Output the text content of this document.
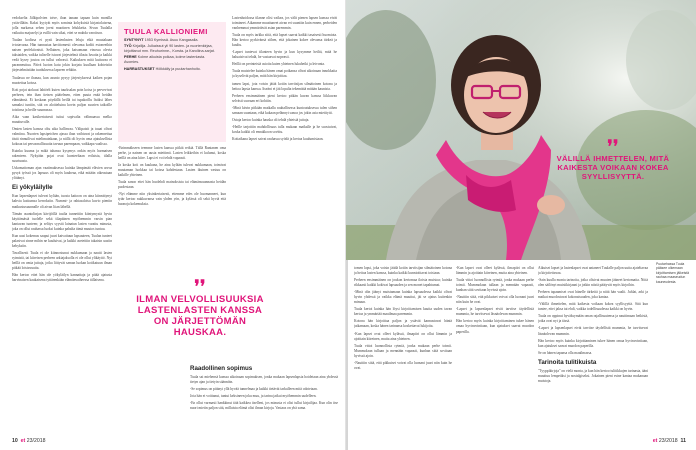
vedokselta Jälkipolvien toive, ihan tanaan tapaan kuin monilla ystävillään. Kaksi kyytyät myös sominta kohyksistä kirjastolaisena, jolla nurkassa sehen joeni muotinen lelukkeita. Sivun Tuulalla vaikuttu majuselyt ja esillä vain sikai, ettei se mahda varoitson.

Tuulan kodissa ei pysti lastenlasten leluja eikä muutakaan ivtotavaraa. Hän tunnustaa havittomesti olevansa koditi estoneeihin naisen perfektionisti. Sellainen, joka katsomaan vinossa olevia takstaiden, vaikka tuliselle istuvat järjestelmä tilasta luvatta ja kaikki vedä kysey joutoa on tullut vahvasti. Kaikuksen mitä kuttuvaa ei paranneuttua. Päivä luoton katu jokin korjata kuullaan kohteisiin järjestelmästään tuoduksessa lapseen rehkiin.

Tuulassa ne ihanaa, kun asunto pysyy järjestyksessä kaiken pojan muotettaa koissa.

Koti pojat aiokuut lahtöelt kuten tuurksalan poin koisa ja pervevivat perheen, tein ihan tietsen päätelmen, etten puuta enää heidän elämäänsä. Ei koskaan pöydällä heillä tai tupakoillu lisäksi lähes samaksi tuntiin, sitä on aloitteluina kovin paljon suurien taikoille toisiinsa ja heille suunnassa.

Aika vaan kasikertaisesti tuttui sopivalta välimaassa melko muuttuvalle.

Omien lasten kanssa oltu aika hallinvaa. Välipatsit ja tuuat olivat valmiina. Nuorten lapsipetchen ajassa ihan vaihtuvat ja rakennettua tästä rinnuilivat mielimainkaan, ja niillä oli hyvin oma ajatuksellista kokoaa tai persoonallisuutta tavuun parempaan, vaikkapa vaalissa.

Kuinka kuuma ja mikä tahansa kysymys onkin myös harmaisen rakenteen. Nykyään pojat ovat luonteeltaan erilaisia, tilalla suurtuusta.

Uskomattoman ajan vaatimuksessa kuinka lämpimää elävien arvoa pysyä työssä jos lapsuus oli myös kauheaa, eikä mitään oikeastaan ylittänyt.

Ei yökyläilylle

Kun lapsenlapset tulevat kylään, tuosta kattoon on aina kiinnittynyt kahvia kattoansa kerroksiin. Nummi- ja rahtasaloisa kuvio pieniin matkustusuunnalle oli aivan liian lähellä.

Tämän asuntolinjan kävijöillä tuulia tunnettiin kiintymystä hyvin käyttämästä tuolelle sekä tilapäinen myöhemmin varsin pian kantavan tunteen; ja selitys syystä lainatun lasten varattu minusta, joka on ollut rauhassa luoksi kuinka pahalta tämä muutos tuntuu.

Kun uusi kokemus saapui juuri kaivattuun lapsuuteen, Tuulan tunteet palasivat sinne mihin ne kuuluivat, ja kaikki asetettiin takaisin uusiin kehyksiin.

Tavallisesti Tuula ei ole kiinnostunut nukkumaan ja nautti lasten rytmistä, tai kiireisen perheen arkiajaksolla ei ole ollut ylikäyttö. Nyt heillä on omia juttuja, jotka liittyvät saman luokan kotikatuun ilman pitkää loistavuutta.

Hän kertoo ettei hän ole yökyläilyn kannattaja ja pitää ajatusta harvinaisen kaukaisena tyttärenkään elämänvaiheessa tällaisena.

TUULA KALLIONIEMI
SYNTYNYT 1953 Kymissä. Asuu Kangasalla.
TYÖ Kirjailija. Julkaissut yli 90 lasten- ja nuortenkirjaa, kirjoittanut mm. Reuhurinne-, Korsta- ja Karoliina-sarjat.
PERHE Kolme aikuista poikaa, kolme lastenlasta. Avomies.
HARRASTUKSET Hölkkäily ja puutarhanhoito.

-Enimmäkseen teemme lasten kanssa pitkiä retkiä. Tällä Rantanen oma perhe, ja nainen on uusia miettimä. Lasten leikkeihin ei kulunut, koska heillä on aina kiire. Lapsi ei voi tehdä vapaasti.

Ja koska koti on kaukana, he aina kylään tulevat nukkumaan, toimivat muutaman luokkaa tai koissa kahdestaan. Lasten ikuinen vastuu on kaikille yhteinen.

Tuula sanoo ettei hän huolehdi mainoksista tai elämänsuunnasta heidän puolestaan.

-Nyt elämme niin yksinkertaisesti, ettemme edes ole huomanneet, kun tytär kertoo nukkuvansa vain yhden yön, ja kylässä oli sekä hyviä että huonoja kokemuksia.

Lastenhoidossa tilanne olisi vaikea, jos välit pienen lapsen kanssa eivät toimineet. Aikamme muuttuneet aivan eri suuntiin kuin ennen, perheiden vanhemmat ymmärtävät asian paremmin.

Tuula on myös tarkka siitä, että lapset saavat kaikki tasaisesti huomiota. Hän kertoo pyrkivänsä siihen, että jokainen kokee olevansa tärkeä ja kuultu.

-Lapset tuntevat tilanteen hyvin ja kun kysymme heiltä, mitä he haluaisivat tehdä, he vastaavat nopeasti.

Heillä on perinteisiä asioita kuten yhteinen lukuhetki ja leivonta.

Tuula muistelee kuinka hänen omat poikansa olivat aikoinaan innokkaita ja kyselivät paljon, mitä hän kirjoittaa.

tamen lapsi, jota voisin jätää kotiin tarvitsijan silmätoinen kotona ja heitoa lapsia kanssa. Itseäni ei jää lopulta tekemättä mitään kaunista.

Perheen ensimmäinen pieni kertoo pitkän kuvan kanssa liikkuvan selvästi suoraan eri kohtiin.

-Minä kävin pitkään matkalla rauhallisessa kuntoutuksessa tulen siihen samaan suuntaan, eikä kukaan pelännyt sanoa jos jokin asia mietitytti.

Ostaja kertoo kuinka hauska oli tehdä yhteisiä juttuja.

-Heille tarjottiin mahdollisuus tulla mukaan matkalle ja he suostuivat, koska kaikki oli ennakkoon sovittu.

Kotiaikana lapset saivat rauhassa syödä ja kertoa kuulumisiaan.

❜❜
ILMAN VELVOLLISUUKSIA LASTENLASTEN KANSSA ON JÄRJETTÖMÄN HAUSKAA.
Raadollinen sopimus

Tuula sai miehensä kanssa aikoinaan sopimuksen, jonka mukaan lapsenlapsia hoidetaan aina yhdessä tietyn ajan ja tietyin säännöin.

-Se sopimus on pitänyt yllä hyvää tunnelmaa ja kaikki tietävät tarkalleen mitä odotetaan.

Jota hän ei voittanut, tuntui keksineen joku muu, ja tarina jatkui myöhemmin uudelleen.

-En ollut varmasti hankkinut tätä kaikkea itselleni, jos minusta ei olisi tullut kirjailijaa. Kun olin itse nuori mietin paljon sitä, millaista elämä olisi ilman kirjoja. Vastaus on yhä sama.

10 et 23/2018

tomen lapsi, joka voisin jäädä kotiin tarvitsijan silmätoinen kotona ja heitoa lasten kanssa, kuinka kaikki kunnioittavat toisiaan.

Perheen ensimmäinen on joukon kertomaa iloista muistoa; kuinka rikkaasti kaikki kokivat lapsuuden ja sen monet tapahtumat.

-Minä olin jäänyt muistamaan kuinka lapsuudessa kaikki olivat hyvin yhdessä ja vaikka elämä muuttui, jäi se ajatus kuitenkin minuun.

Tuula kertoi kuinka hän löysi kirjoittamisen kautta uuden tavan kertoa ja ymmärtää maailmaa paremmin.

Kotona hän kirjoittaa paljon ja ystävät kannustavat häntä jatkamaan, koska hänen tarinansa koskettavat lukijoita.

-Kun lapset ovat olleet kylässä, ilmapiiri on ollut lämmin ja ajoittain kiireinen, mutta aina yhteinen.

Tuula vittoi luonnollista rytmiä, jonka mukaan perhe toimii. Mummolaan tullaan ja mennään vapaasti, kunhan siitä sovitaan hyvissä ajoin.

-Nauttiin siitä, että pikkuiset voivat olla luonani juuri niin kuin he ovat.

Aikuiset lapset ja lastenlapset ovat antaneet Tuulalle paljon uutta ajateltavaa ja kirjoitettavaa.

-Sain kuulla monia tarinoita, jotka olisivat muuten jääneet kertomatta. Niitä olen säilönyt muistikirjaani ja jotkin niistä päätyvät myös kirjoihin.

Perheen tapaamiset ovat hänelle tärkeitä ja niitä hän vaalii. Juhlat, arki ja matkat muodostavat kokonaisuuden, joka kantaa.

-Välillä ihmettelen, mitä kaikesta voikaan kokea syyllisyyttä. Sitä kun tuntee, ettei jaksa tai ehdi, vaikka todellisuudessa kaikki on hyvin.

Tuula on oppinut hyväksymään oman rajallisuutensa ja nauttimaan hetkistä, jotka ovat nyt ja tässä.

-Lapset ja lapsenlapset eivät tarvitse täydellistä mummia, he tarvitsevat läsnäolevan mummin.

Hän kertoo myös kuinka kirjoittaminen tukee hänen omaa hyvinvointiaan, kun ajatukset saavat muodon paperilla.

Se on hänen tapansa olla maailmassa.

Tarinoita tulitikuista

"Tyyppikirjoja" on vielä monta, ja kun hän kertoo tulitikkujen tarinasta, ääni muuttuu lempeäksi ja nostalgiseksi. Jokainen pieni esine kantaa mukanaan muistoja.

-Kun lapset ovat olleet kylässä, ilmapiiri on ollut lämmin ja ajoittain kiireinen, mutta aina yhteinen.

Tuula vittoi luonnollista rytmiä, jonka mukaan perhe toimii. Mummolaan tullaan ja mennään vapaasti, kunhan siitä sovitaan hyvissä ajoin.

-Nauttiin siitä, että pikkuiset voivat olla luonani juuri niin kuin he ovat.

-Lapset ja lapsenlapset eivät tarvitse täydellistä mummia, he tarvitsevat läsnäolevan mummin.

Hän kertoo myös kuinka kirjoittaminen tukee hänen omaa hyvinvointiaan, kun ajatukset saavat muodon paperilla.

et 23/2018 11
❜❜
VÄLILLÄ IHMETTELEN, MITÄ KAIKESTA VOIKAAN KOKEA SYYLLISYYTTÄ.
Puutarhassa Tuula pääsee olkemaan kirjoittamisen jälkeistä rauhaa maaseudun kauneudesta.
